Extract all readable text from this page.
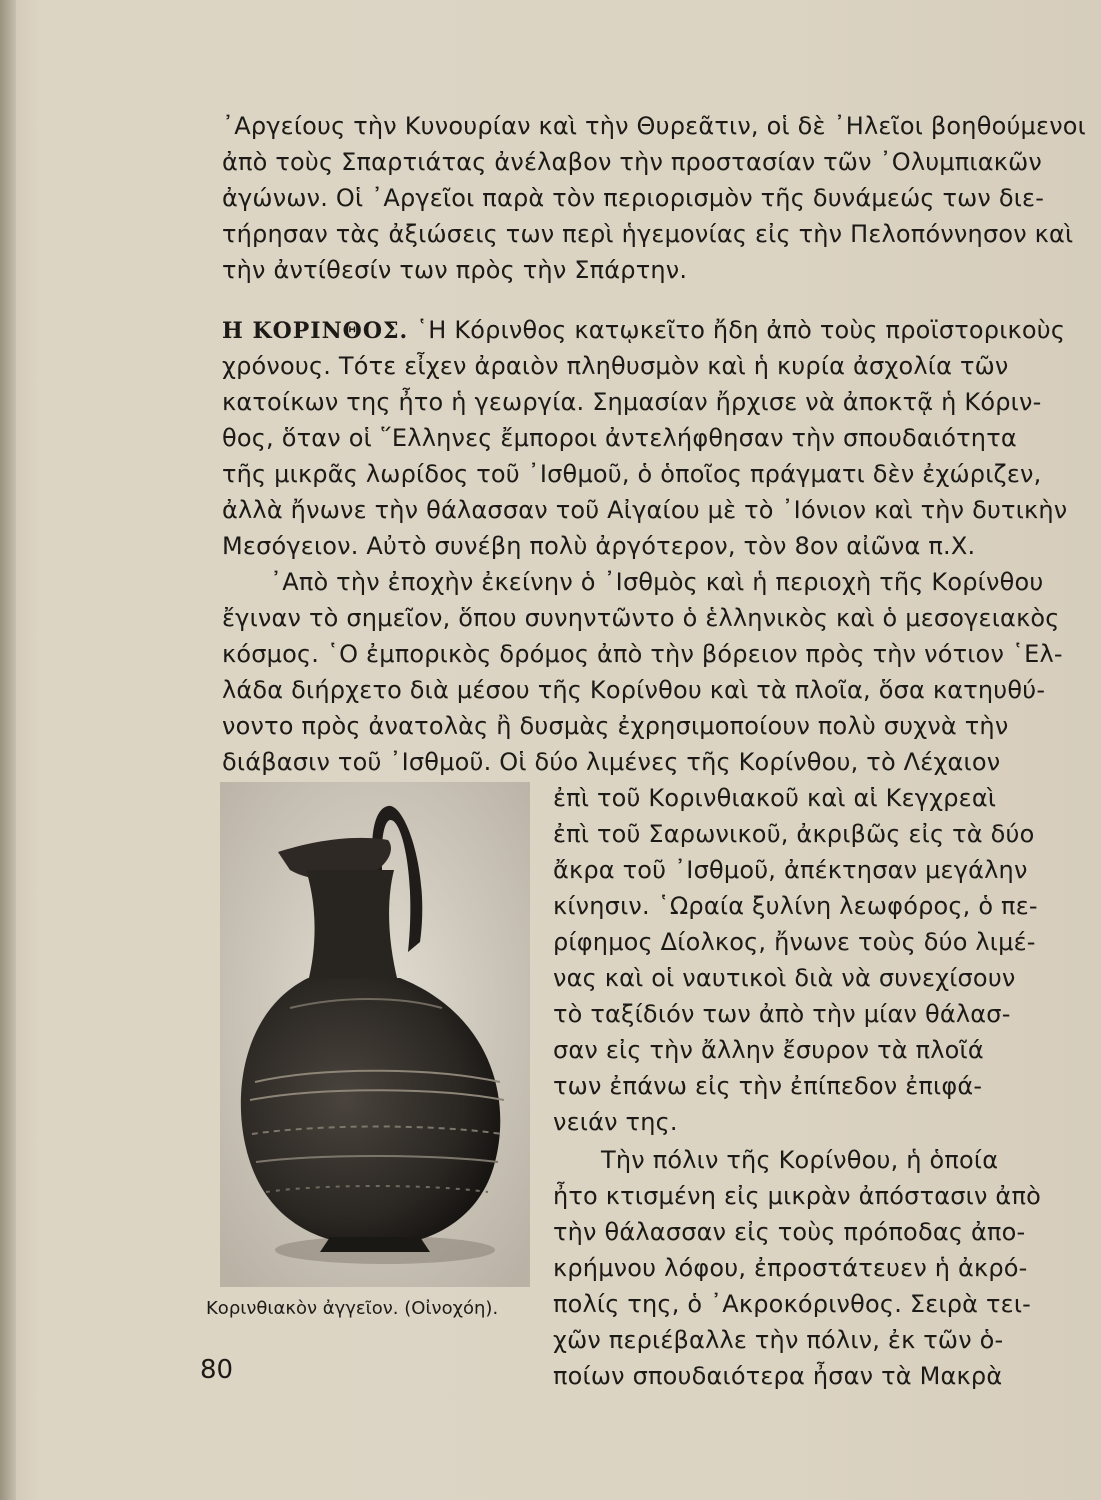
᾿Αργείους τὴν Κυνουρίαν καὶ τὴν Θυρεᾶτιν, οἱ δὲ ᾿Ηλεῖοι βοηθούμενοι
ἀπὸ τοὺς Σπαρτιάτας ἀνέλαβον τὴν προστασίαν τῶν ᾿Ολυμπιακῶν
ἀγώνων. Οἱ ᾿Αργεῖοι παρὰ τὸν περιορισμὸν τῆς δυνάμεώς των διε-
τήρησαν τὰς ἀξιώσεις των περὶ ἡγεμονίας εἰς τὴν Πελοπόννησον καὶ
τὴν ἀντίθεσίν των πρὸς τὴν Σπάρτην.
Η ΚΟΡΙΝΘΟΣ. ῾Η Κόρινθος κατῳκεῖτο ἤδη ἀπὸ τοὺς προϊστορικοὺς
χρόνους. Τότε εἶχεν ἀραιὸν πληθυσμὸν καὶ ἡ κυρία ἀσχολία τῶν
κατοίκων της ἦτο ἡ γεωργία. Σημασίαν ἤρχισε νὰ ἀποκτᾷ ἡ Κόριν-
θος, ὅταν οἱ ῞Ελληνες ἔμποροι ἀντελήφθησαν τὴν σπουδαιότητα
τῆς μικρᾶς λωρίδος τοῦ ᾿Ισθμοῦ, ὁ ὁποῖος πράγματι δὲν ἐχώριζεν,
ἀλλὰ ἤνωνε τὴν θάλασσαν τοῦ Αἰγαίου μὲ τὸ ᾿Ιόνιον καὶ τὴν δυτικὴν
Μεσόγειον. Αὐτὸ συνέβη πολὺ ἀργότερον, τὸν 8ον αἰῶνα π.Χ.
᾿Απὸ τὴν ἐποχὴν ἐκείνην ὁ ᾿Ισθμὸς καὶ ἡ περιοχὴ τῆς Κορίνθου
ἔγιναν τὸ σημεῖον, ὅπου συνηντῶντο ὁ ἑλληνικὸς καὶ ὁ μεσογειακὸς
κόσμος. ῾Ο ἐμπορικὸς δρόμος ἀπὸ τὴν βόρειον πρὸς τὴν νότιον ῾Ελ-
λάδα διήρχετο διὰ μέσου τῆς Κορίνθου καὶ τὰ πλοῖα, ὅσα κατηυθύ-
νοντο πρὸς ἀνατολὰς ἢ δυσμὰς ἐχρησιμοποίουν πολὺ συχνὰ τὴν
διάβασιν τοῦ ᾿Ισθμοῦ. Οἱ δύο λιμένες τῆς Κορίνθου, τὸ Λέχαιον
ἐπὶ τοῦ Κορινθιακοῦ καὶ αἱ Κεγχρεαὶ
ἐπὶ τοῦ Σαρωνικοῦ, ἀκριβῶς εἰς τὰ δύο
ἄκρα τοῦ ᾿Ισθμοῦ, ἀπέκτησαν μεγάλην
κίνησιν. ῾Ωραία ξυλίνη λεωφόρος, ὁ πε-
ρίφημος Δίολκος, ἤνωνε τοὺς δύο λιμέ-
νας καὶ οἱ ναυτικοὶ διὰ νὰ συνεχίσουν
τὸ ταξίδιόν των ἀπὸ τὴν μίαν θάλασ-
σαν εἰς τὴν ἄλλην ἔσυρον τὰ πλοῖά
των ἐπάνω εἰς τὴν ἐπίπεδον ἐπιφά-
νειάν της.
Τὴν πόλιν τῆς Κορίνθου, ἡ ὁποία
ἦτο κτισμένη εἰς μικρὰν ἀπόστασιν ἀπὸ
τὴν θάλασσαν εἰς τοὺς πρόποδας ἀπο-
κρήμνου λόφου, ἐπροστάτευεν ἡ ἀκρό-
πολίς της, ὁ ᾿Ακροκόρινθος. Σειρὰ τει-
χῶν περιέβαλλε τὴν πόλιν, ἐκ τῶν ὁ-
ποίων σπουδαιότερα ἦσαν τὰ Μακρὰ
Κορινθιακὸν ἀγγεῖον. (Οἰνοχόη).
80
